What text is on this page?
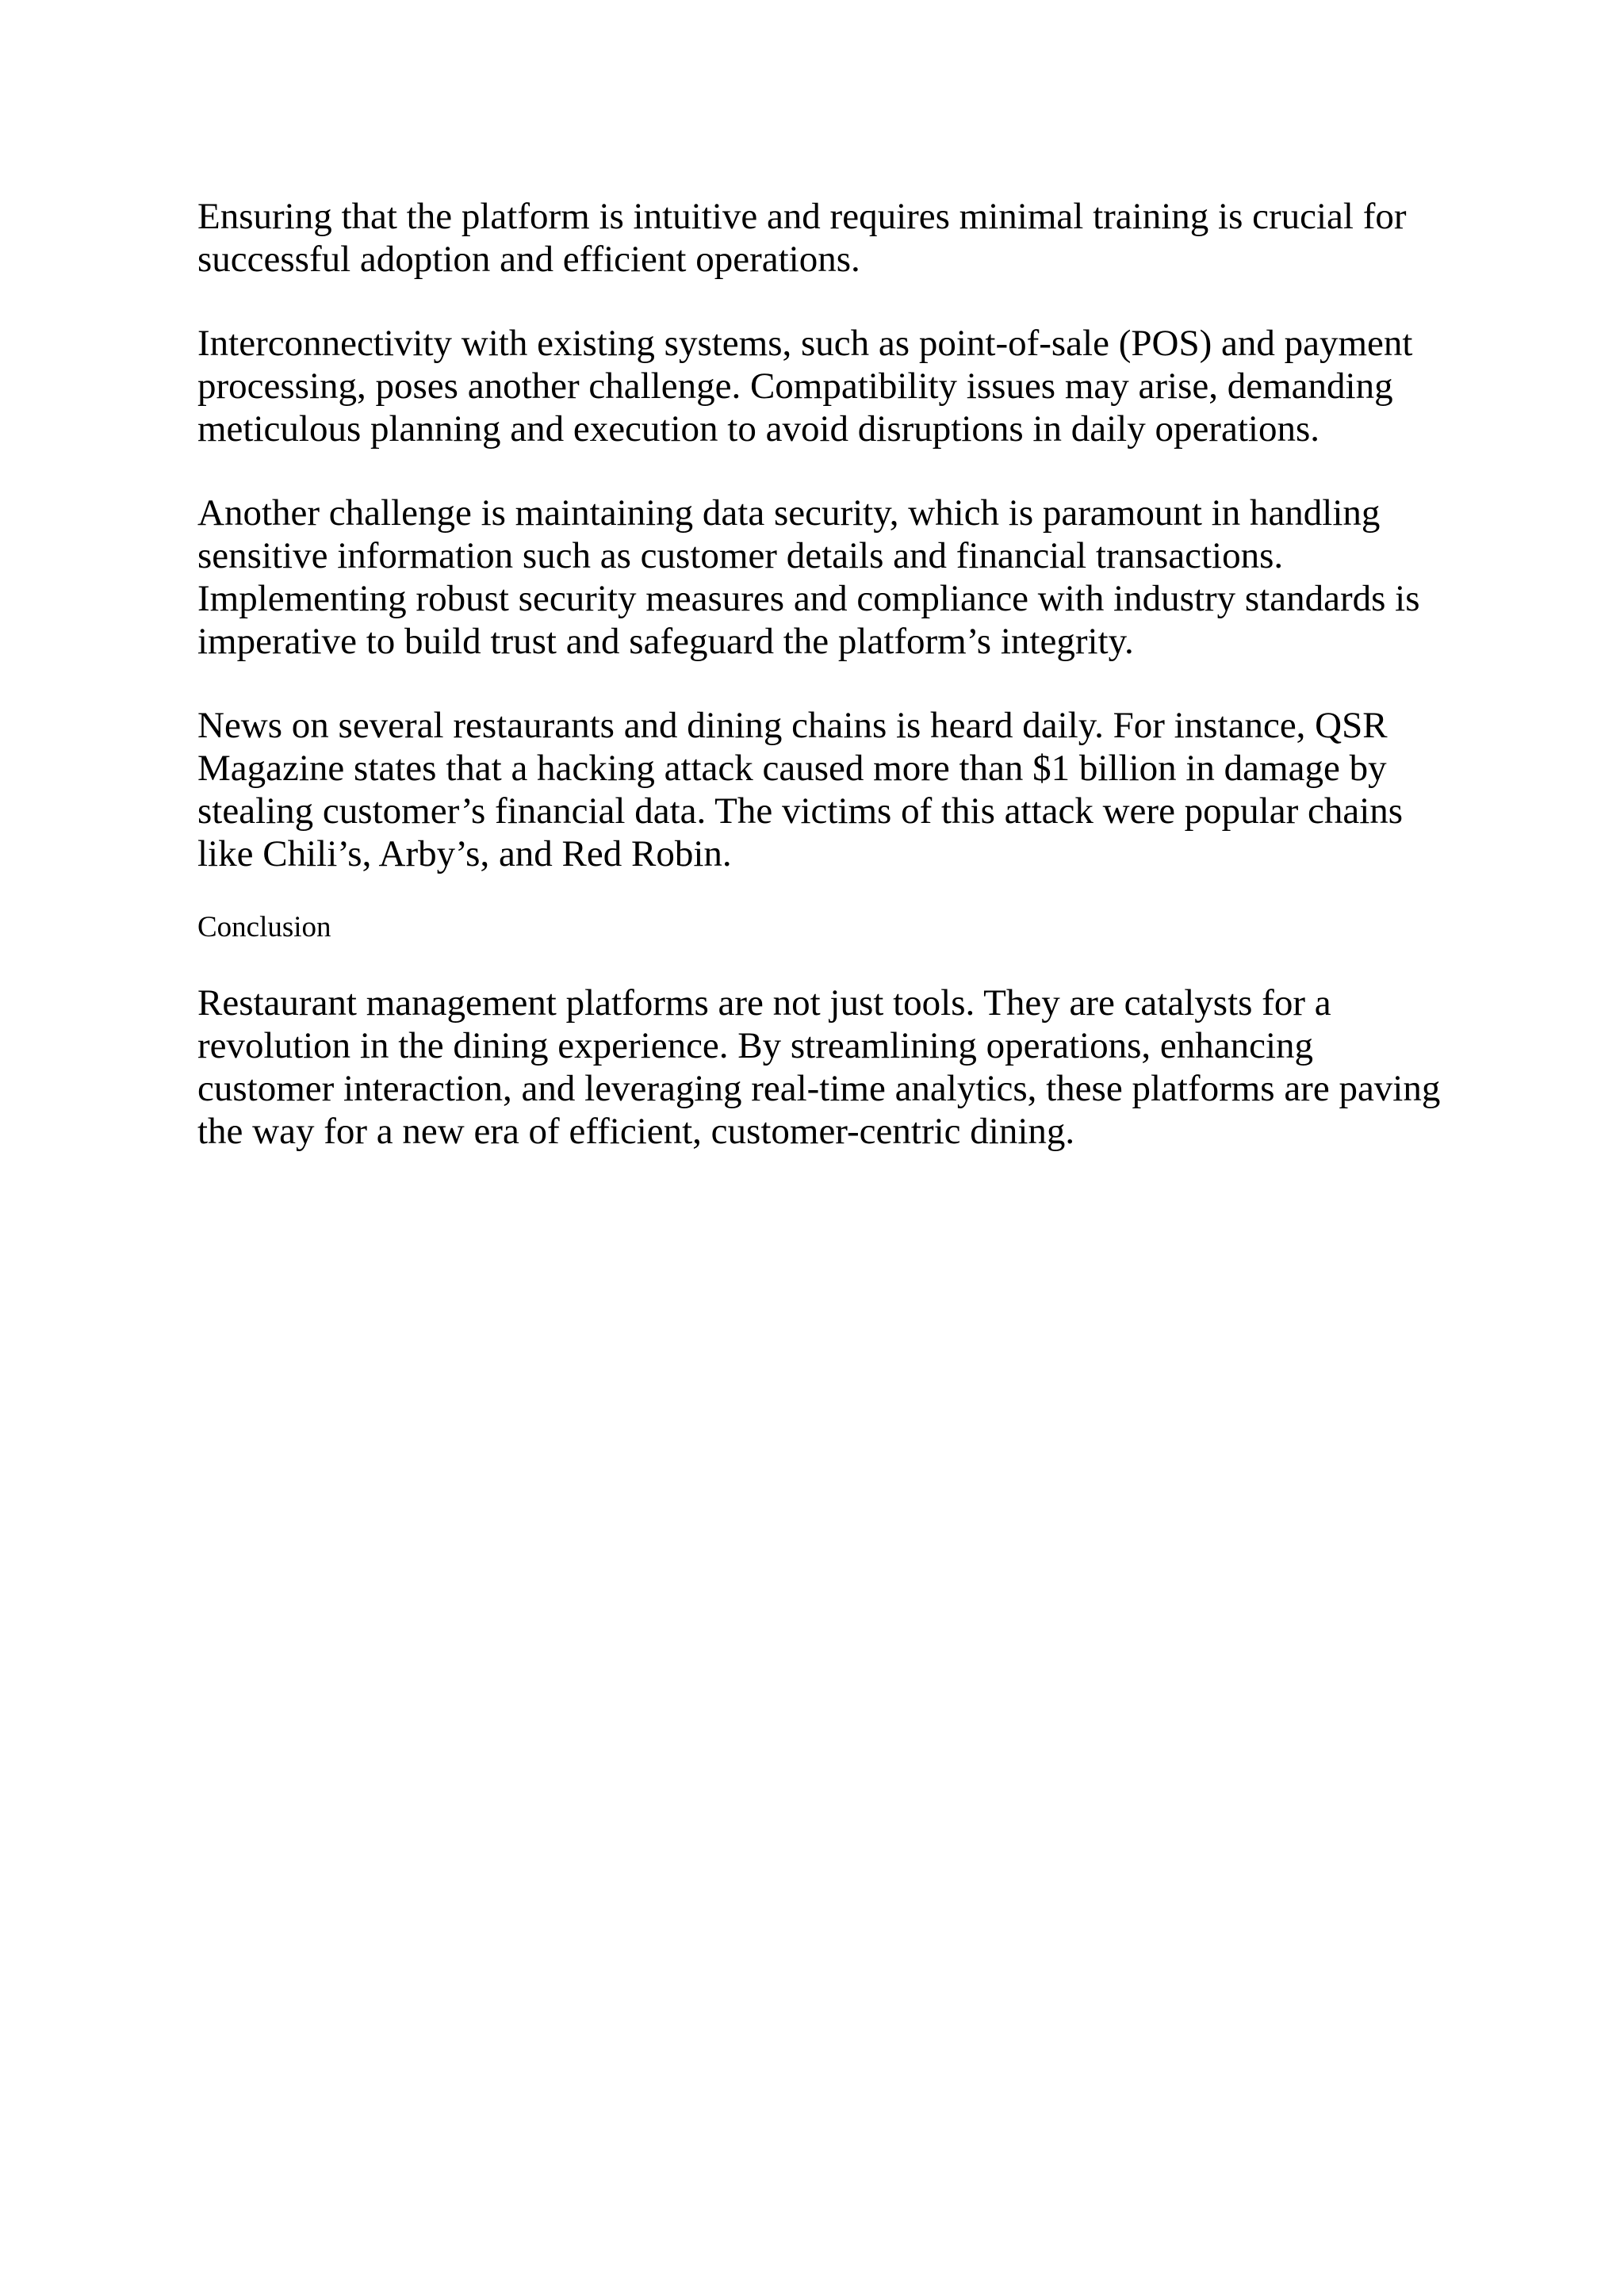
Ensuring that the platform is intuitive and requires minimal training is crucial for
successful adoption and efficient operations.

Interconnectivity with existing systems, such as point-of-sale (POS) and payment
processing, poses another challenge. Compatibility issues may arise, demanding
meticulous planning and execution to avoid disruptions in daily operations.

Another challenge is maintaining data security, which is paramount in handling
sensitive information such as customer details and financial transactions.
Implementing robust security measures and compliance with industry standards is
imperative to build trust and safeguard the platform’s integrity.

News on several restaurants and dining chains is heard daily. For instance, QSR
Magazine states that a hacking attack caused more than $1 billion in damage by
stealing customer’s financial data. The victims of this attack were popular chains
like Chili’s, Arby’s, and Red Robin.

Conclusion

Restaurant management platforms are not just tools. They are catalysts for a
revolution in the dining experience. By streamlining operations, enhancing
customer interaction, and leveraging real-time analytics, these platforms are paving
the way for a new era of efficient, customer-centric dining.
